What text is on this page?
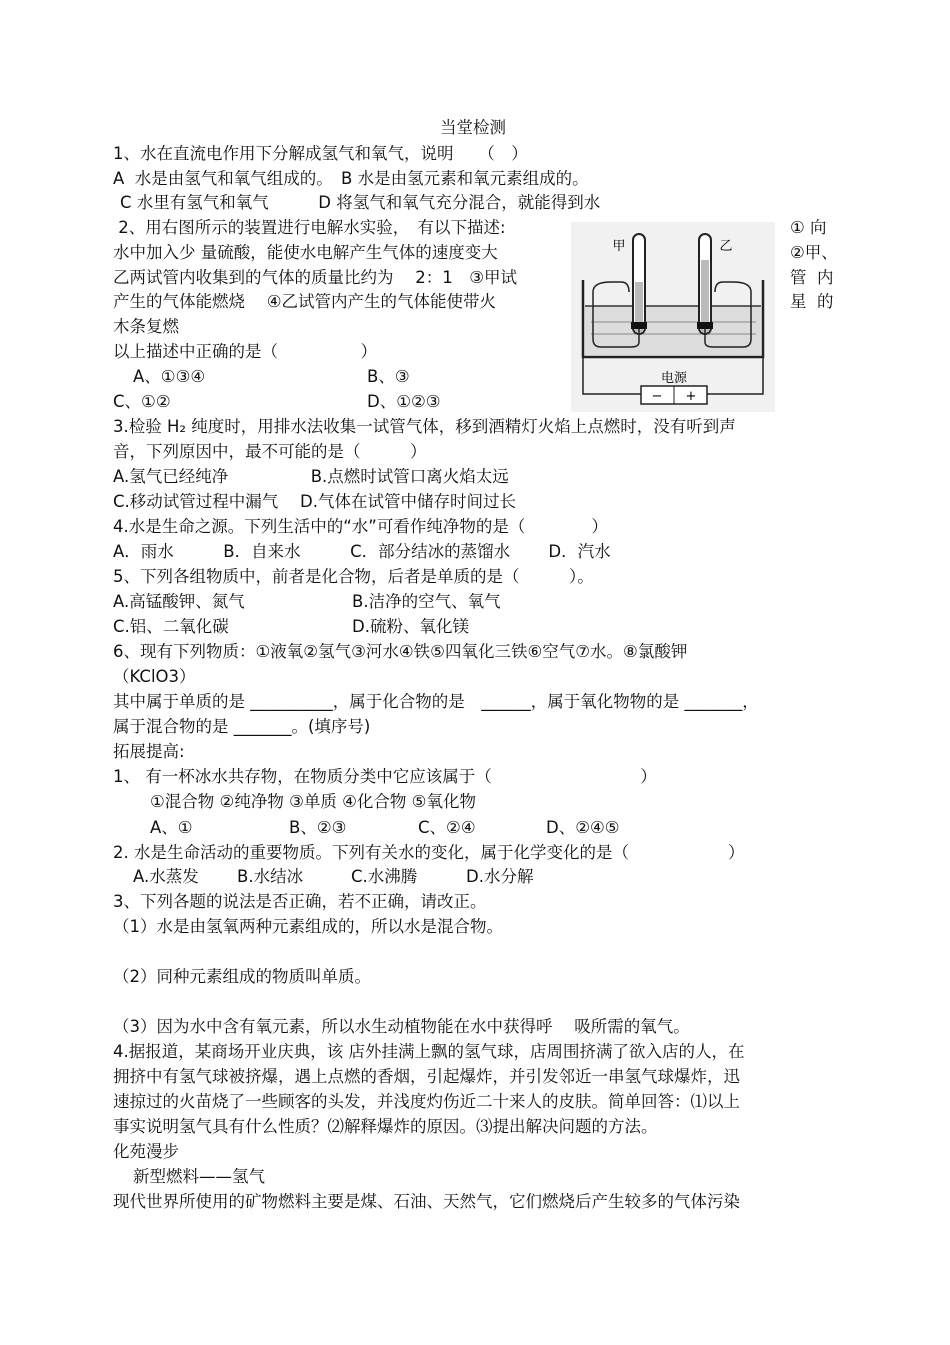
当堂检测
1、水在直流电作用下分解成氢气和氧气，说明　　（　）
A  水是由氢气和氧气组成的。　B 水是由氢元素和氧元素组成的。
C 水里有氢气和氧气　　　D 将氢气和氧气充分混合，就能得到水
2、用右图所示的装置进行电解水实验，　有以下描述:	① 向
水中加入少 量硫酸，能使水电解产生气体的速度变大	②甲、
乙两试管内收集到的气体的质量比约为　 2：1　③甲试	管  内
产生的气体能燃烧　 ④乙试管内产生的气体能使带火	星  的
木条复燃
以上描述中正确的是（　　　　　）
A、①③④	B、③
C、①②	D、①②③
电源
− +
甲	乙
3.检验 H₂ 纯度时，用排水法收集一试管气体，移到酒精灯火焰上点燃时，没有听到声
音，下列原因中，最不可能的是（　　　）
A.氢气已经纯净　　　　　B.点燃时试管口离火焰太远
C.移动试管过程中漏气　 D.气体在试管中储存时间过长
4.水是生命之源。下列生活中的“水”可看作纯净物的是（　　　　）
A．雨水　　　B．自来水　　　C．部分结冰的蒸馏水　　 D．汽水
5、下列各组物质中，前者是化合物，后者是单质的是（　　　）。
A.高锰酸钾、氮气	B.洁净的空气、氧气
C.铝、二氧化碳	D.硫粉、氧化镁
6、现有下列物质：①液氧②氢气③河水④铁⑤四氧化三铁⑥空气⑦水。⑧氯酸钾
（KClO3）
其中属于单质的是 __________，属于化合物的是　______，属于氧化物物的是 _______，
属于混合物的是 _______。(填序号)
拓展提高:
1、 有一杯冰水共存物，在物质分类中它应该属于（　　　　　　　　　）
①混合物 ②纯净物 ③单质 ④化合物 ⑤氧化物
A、①	B、②③	C、②④	D、②④⑤
2. 水是生命活动的重要物质。下列有关水的变化，属于化学变化的是（　　　　　　）
A.水蒸发 B.水结冰	C.水沸腾	D.水分解
3、下列各题的说法是否正确，若不正确，请改正。
（1）水是由氢氧两种元素组成的，所以水是混合物。
（2）同种元素组成的物质叫单质。
（3）因为水中含有氧元素，所以水生动植物能在水中获得呼　 吸所需的氧气。
4.据报道，某商场开业庆典，该 店外挂满上飘的氢气球，店周围挤满了欲入店的人，在
拥挤中有氢气球被挤爆，遇上点燃的香烟，引起爆炸，并引发邻近一串氢气球爆炸，迅
速掠过的火苗烧了一些顾客的头发，并浅度灼伤近二十来人的皮肤。简单回答：⑴以上
事实说明氢气具有什么性质？⑵解释爆炸的原因。⑶提出解决问题的方法。
化苑漫步
新型燃料——氢气
现代世界所使用的矿物燃料主要是煤、石油、天然气，它们燃烧后产生较多的气体污染
